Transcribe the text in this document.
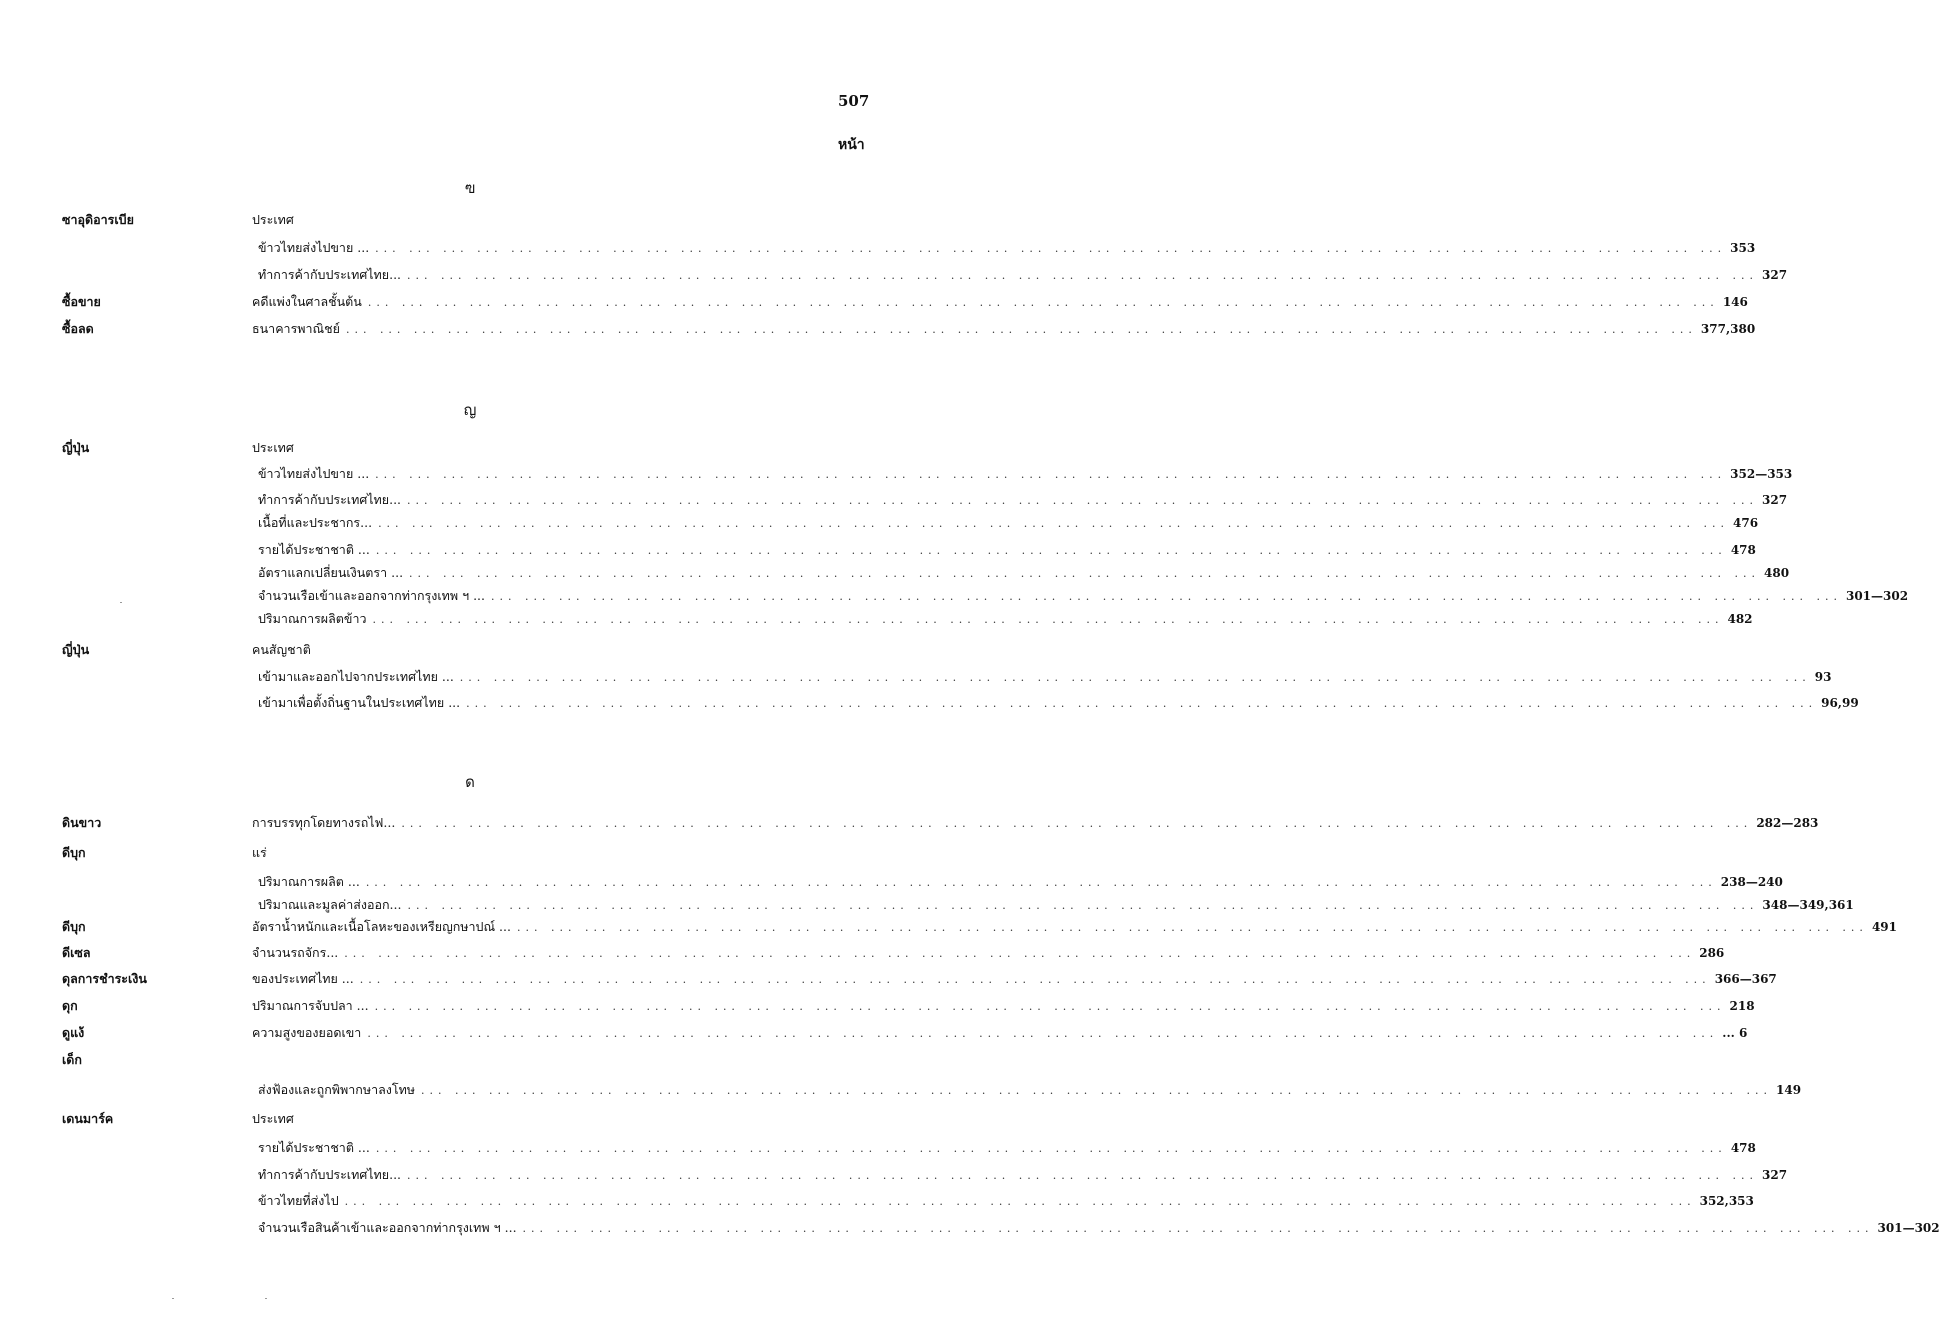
507
หน้า
ฃ
ซาอุดิอารเบีย	ประเทศ
ข้าวไทยส่งไปขาย ... ... ... ... ... ... ... ... ... ... ... ... ... ... ... ... ... ... ... ... ... ... ... ... ... ... ... ... ... ... ... ... ... ... ... ... ... ... ... ... ... 353
ทำการค้ากับประเทศไทย... ... ... ... ... ... ... ... ... ... ... ... ... ... ... ... ... ... ... ... ... ... ... ... ... ... ... ... ... ... ... ... ... ... ... ... ... ... ... ... ... 327
ซื้อขาย	คดีแพ่งในศาลชั้นต้น ... ... ... ... ... ... ... ... ... ... ... ... ... ... ... ... ... ... ... ... ... ... ... ... ... ... ... ... ... ... ... ... ... ... ... ... ... ... ... ... 146
ซื้อลด	ธนาคารพาณิชย์ ... ... ... ... ... ... ... ... ... ... ... ... ... ... ... ... ... ... ... ... ... ... ... ... ... ... ... ... ... ... ... ... ... ... ... ... ... ... ... ... 377,380
ญ
ญี่ปุ่น	ประเทศ
ข้าวไทยส่งไปขาย ... ... ... ... ... ... ... ... ... ... ... ... ... ... ... ... ... ... ... ... ... ... ... ... ... ... ... ... ... ... ... ... ... ... ... ... ... ... ... ... ... 352—353
ทำการค้ากับประเทศไทย... ... ... ... ... ... ... ... ... ... ... ... ... ... ... ... ... ... ... ... ... ... ... ... ... ... ... ... ... ... ... ... ... ... ... ... ... ... ... ... ... 327
เนื้อที่และประชากร... ... ... ... ... ... ... ... ... ... ... ... ... ... ... ... ... ... ... ... ... ... ... ... ... ... ... ... ... ... ... ... ... ... ... ... ... ... ... ... ... 476
รายได้ประชาชาติ ... ... ... ... ... ... ... ... ... ... ... ... ... ... ... ... ... ... ... ... ... ... ... ... ... ... ... ... ... ... ... ... ... ... ... ... ... ... ... ... ... 478
อัตราแลกเปลี่ยนเงินตรา ... ... ... ... ... ... ... ... ... ... ... ... ... ... ... ... ... ... ... ... ... ... ... ... ... ... ... ... ... ... ... ... ... ... ... ... ... ... ... ... ... 480
จำนวนเรือเข้าและออกจากท่ากรุงเทพ ฯ ... ... ... ... ... ... ... ... ... ... ... ... ... ... ... ... ... ... ... ... ... ... ... ... ... ... ... ... ... ... ... ... ... ... ... ... ... ... ... ... ... 301—302
ปริมาณการผลิตข้าว ... ... ... ... ... ... ... ... ... ... ... ... ... ... ... ... ... ... ... ... ... ... ... ... ... ... ... ... ... ... ... ... ... ... ... ... ... ... ... ... 482
ญี่ปุ่น	คนสัญชาติ
เข้ามาและออกไปจากประเทศไทย ... ... ... ... ... ... ... ... ... ... ... ... ... ... ... ... ... ... ... ... ... ... ... ... ... ... ... ... ... ... ... ... ... ... ... ... ... ... ... ... ... 93
เข้ามาเพื่อตั้งถิ่นฐานในประเทศไทย ... ... ... ... ... ... ... ... ... ... ... ... ... ... ... ... ... ... ... ... ... ... ... ... ... ... ... ... ... ... ... ... ... ... ... ... ... ... ... ... ... 96,99
ด
ดินขาว	การบรรทุกโดยทางรถไฟ... ... ... ... ... ... ... ... ... ... ... ... ... ... ... ... ... ... ... ... ... ... ... ... ... ... ... ... ... ... ... ... ... ... ... ... ... ... ... ... ... 282—283
ดีบุก	แร่
ปริมาณการผลิต ... ... ... ... ... ... ... ... ... ... ... ... ... ... ... ... ... ... ... ... ... ... ... ... ... ... ... ... ... ... ... ... ... ... ... ... ... ... ... ... ... 238—240
ปริมาณและมูลค่าส่งออก... ... ... ... ... ... ... ... ... ... ... ... ... ... ... ... ... ... ... ... ... ... ... ... ... ... ... ... ... ... ... ... ... ... ... ... ... ... ... ... ... 348—349,361
ดีบุก	อัตราน้ำหนักและเนื้อโลหะของเหรียญกษาปณ์ ... ... ... ... ... ... ... ... ... ... ... ... ... ... ... ... ... ... ... ... ... ... ... ... ... ... ... ... ... ... ... ... ... ... ... ... ... ... ... ... ... 491
ดีเซล	จำนวนรถจักร... ... ... ... ... ... ... ... ... ... ... ... ... ... ... ... ... ... ... ... ... ... ... ... ... ... ... ... ... ... ... ... ... ... ... ... ... ... ... ... ... 286
ดุลการชำระเงิน	ของประเทศไทย ... ... ... ... ... ... ... ... ... ... ... ... ... ... ... ... ... ... ... ... ... ... ... ... ... ... ... ... ... ... ... ... ... ... ... ... ... ... ... ... ... 366—367
ดุก	ปริมาณการจับปลา ... ... ... ... ... ... ... ... ... ... ... ... ... ... ... ... ... ... ... ... ... ... ... ... ... ... ... ... ... ... ... ... ... ... ... ... ... ... ... ... ... 218
ดูแง้	ความสูงของยอดเขา ... ... ... ... ... ... ... ... ... ... ... ... ... ... ... ... ... ... ... ... ... ... ... ... ... ... ... ... ... ... ... ... ... ... ... ... ... ... ... ... ... 6
เด็ก
ส่งฟ้องและถูกพิพากษาลงโทษ ... ... ... ... ... ... ... ... ... ... ... ... ... ... ... ... ... ... ... ... ... ... ... ... ... ... ... ... ... ... ... ... ... ... ... ... ... ... ... ... 149
เดนมาร์ค	ประเทศ
รายได้ประชาชาติ ... ... ... ... ... ... ... ... ... ... ... ... ... ... ... ... ... ... ... ... ... ... ... ... ... ... ... ... ... ... ... ... ... ... ... ... ... ... ... ... ... 478
ทำการค้ากับประเทศไทย... ... ... ... ... ... ... ... ... ... ... ... ... ... ... ... ... ... ... ... ... ... ... ... ... ... ... ... ... ... ... ... ... ... ... ... ... ... ... ... ... 327
ข้าวไทยที่ส่งไป ... ... ... ... ... ... ... ... ... ... ... ... ... ... ... ... ... ... ... ... ... ... ... ... ... ... ... ... ... ... ... ... ... ... ... ... ... ... ... ... 352,353
จำนวนเรือสินค้าเข้าและออกจากท่ากรุงเทพ ฯ ... ... ... ... ... ... ... ... ... ... ... ... ... ... ... ... ... ... ... ... ... ... ... ... ... ... ... ... ... ... ... ... ... ... ... ... ... ... ... ... ... 301—302
